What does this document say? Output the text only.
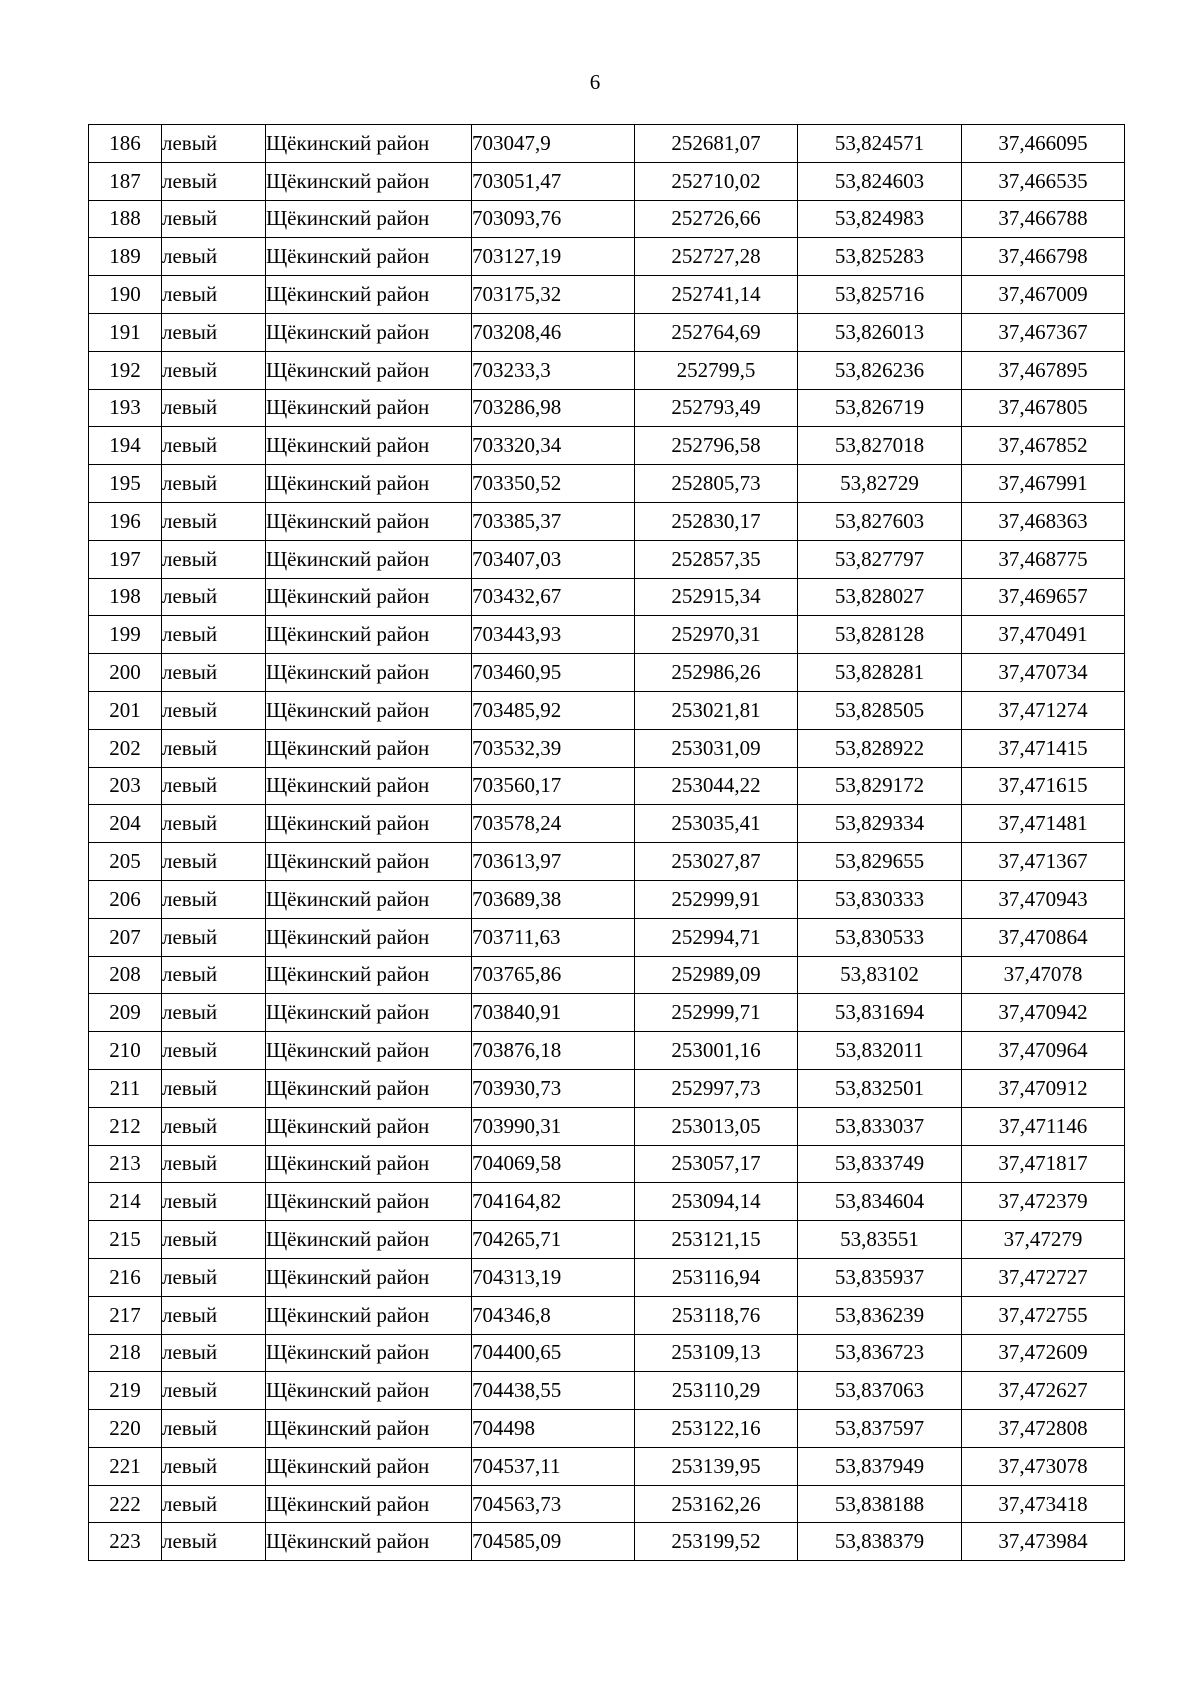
6
186	левый	Щёкинский район	703047,9	252681,07	53,824571	37,466095
187	левый	Щёкинский район	703051,47	252710,02	53,824603	37,466535
188	левый	Щёкинский район	703093,76	252726,66	53,824983	37,466788
189	левый	Щёкинский район	703127,19	252727,28	53,825283	37,466798
190	левый	Щёкинский район	703175,32	252741,14	53,825716	37,467009
191	левый	Щёкинский район	703208,46	252764,69	53,826013	37,467367
192	левый	Щёкинский район	703233,3	252799,5	53,826236	37,467895
193	левый	Щёкинский район	703286,98	252793,49	53,826719	37,467805
194	левый	Щёкинский район	703320,34	252796,58	53,827018	37,467852
195	левый	Щёкинский район	703350,52	252805,73	53,82729	37,467991
196	левый	Щёкинский район	703385,37	252830,17	53,827603	37,468363
197	левый	Щёкинский район	703407,03	252857,35	53,827797	37,468775
198	левый	Щёкинский район	703432,67	252915,34	53,828027	37,469657
199	левый	Щёкинский район	703443,93	252970,31	53,828128	37,470491
200	левый	Щёкинский район	703460,95	252986,26	53,828281	37,470734
201	левый	Щёкинский район	703485,92	253021,81	53,828505	37,471274
202	левый	Щёкинский район	703532,39	253031,09	53,828922	37,471415
203	левый	Щёкинский район	703560,17	253044,22	53,829172	37,471615
204	левый	Щёкинский район	703578,24	253035,41	53,829334	37,471481
205	левый	Щёкинский район	703613,97	253027,87	53,829655	37,471367
206	левый	Щёкинский район	703689,38	252999,91	53,830333	37,470943
207	левый	Щёкинский район	703711,63	252994,71	53,830533	37,470864
208	левый	Щёкинский район	703765,86	252989,09	53,83102	37,47078
209	левый	Щёкинский район	703840,91	252999,71	53,831694	37,470942
210	левый	Щёкинский район	703876,18	253001,16	53,832011	37,470964
211	левый	Щёкинский район	703930,73	252997,73	53,832501	37,470912
212	левый	Щёкинский район	703990,31	253013,05	53,833037	37,471146
213	левый	Щёкинский район	704069,58	253057,17	53,833749	37,471817
214	левый	Щёкинский район	704164,82	253094,14	53,834604	37,472379
215	левый	Щёкинский район	704265,71	253121,15	53,83551	37,47279
216	левый	Щёкинский район	704313,19	253116,94	53,835937	37,472727
217	левый	Щёкинский район	704346,8	253118,76	53,836239	37,472755
218	левый	Щёкинский район	704400,65	253109,13	53,836723	37,472609
219	левый	Щёкинский район	704438,55	253110,29	53,837063	37,472627
220	левый	Щёкинский район	704498	253122,16	53,837597	37,472808
221	левый	Щёкинский район	704537,11	253139,95	53,837949	37,473078
222	левый	Щёкинский район	704563,73	253162,26	53,838188	37,473418
223	левый	Щёкинский район	704585,09	253199,52	53,838379	37,473984
